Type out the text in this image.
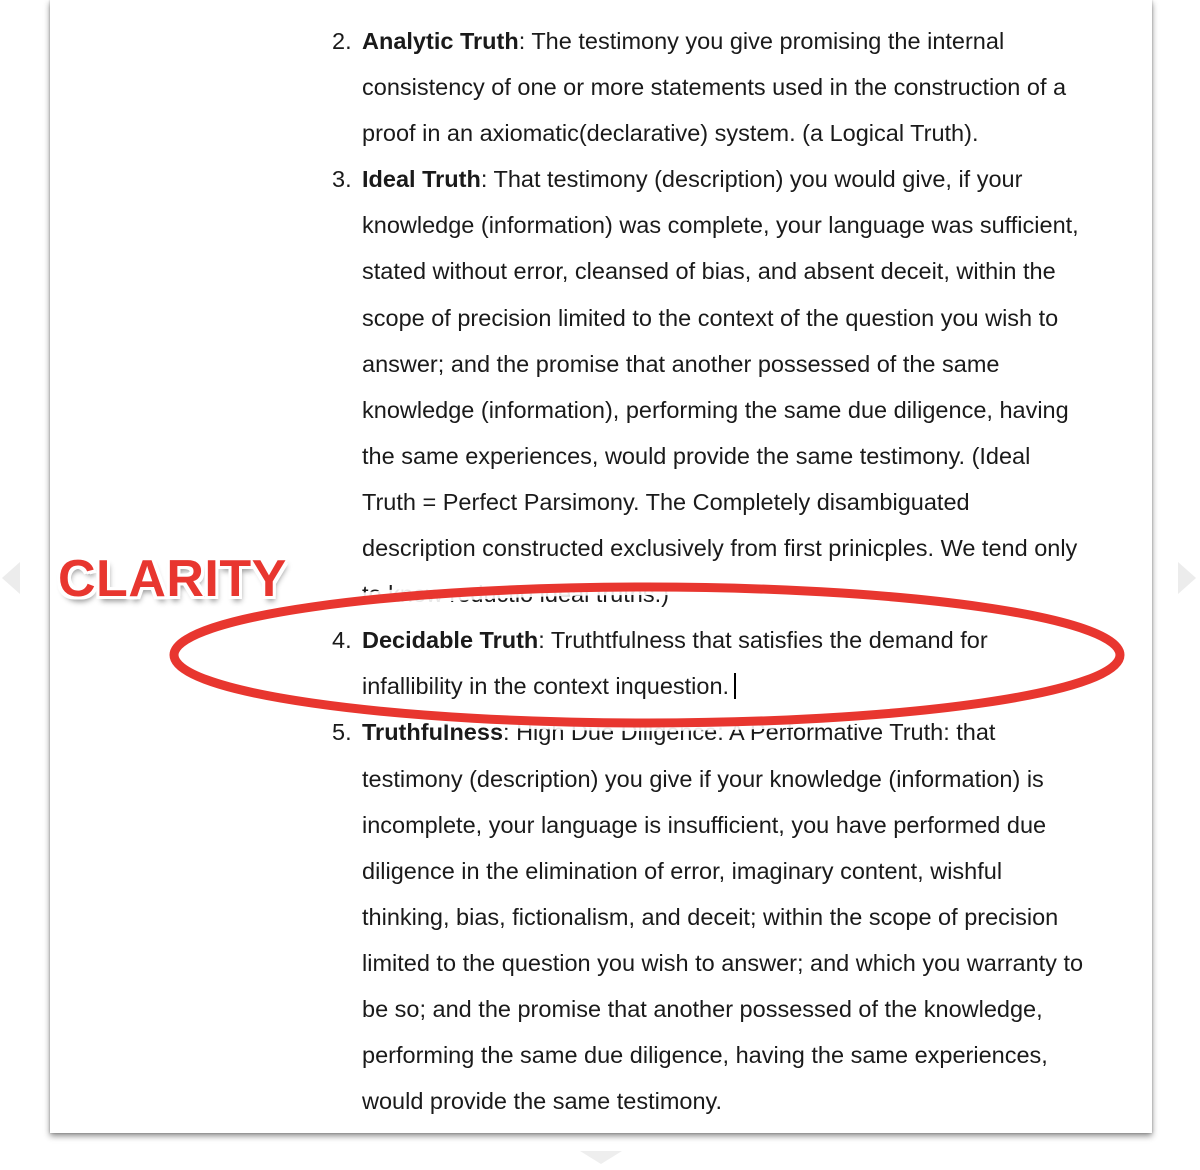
2. Analytic Truth: The testimony you give promising the internal
consistency of one or more statements used in the construction of a
proof in an axiomatic(declarative) system. (a Logical Truth).
3. Ideal Truth: That testimony (description) you would give, if your
knowledge (information) was complete, your language was sufficient,
stated without error, cleansed of bias, and absent deceit, within the
scope of precision limited to the context of the question you wish to
answer; and the promise that another possessed of the same
knowledge (information), performing the same due diligence, having
the same experiences, would provide the same testimony. (Ideal
Truth = Perfect Parsimony. The Completely disambiguated
description constructed exclusively from first prinicples. We tend only
to know reductio ideal truths.)
4. Decidable Truth: Truthtfulness that satisfies the demand for
infallibility in the context inquestion.
5. Truthfulness: High Due Diligence: A Performative Truth: that
testimony (description) you give if your knowledge (information) is
incomplete, your language is insufficient, you have performed due
diligence in the elimination of error, imaginary content, wishful
thinking, bias, fictionalism, and deceit; within the scope of precision
limited to the question you wish to answer; and which you warranty to
be so; and the promise that another possessed of the knowledge,
performing the same due diligence, having the same experiences,
would provide the same testimony.
CLARITY
